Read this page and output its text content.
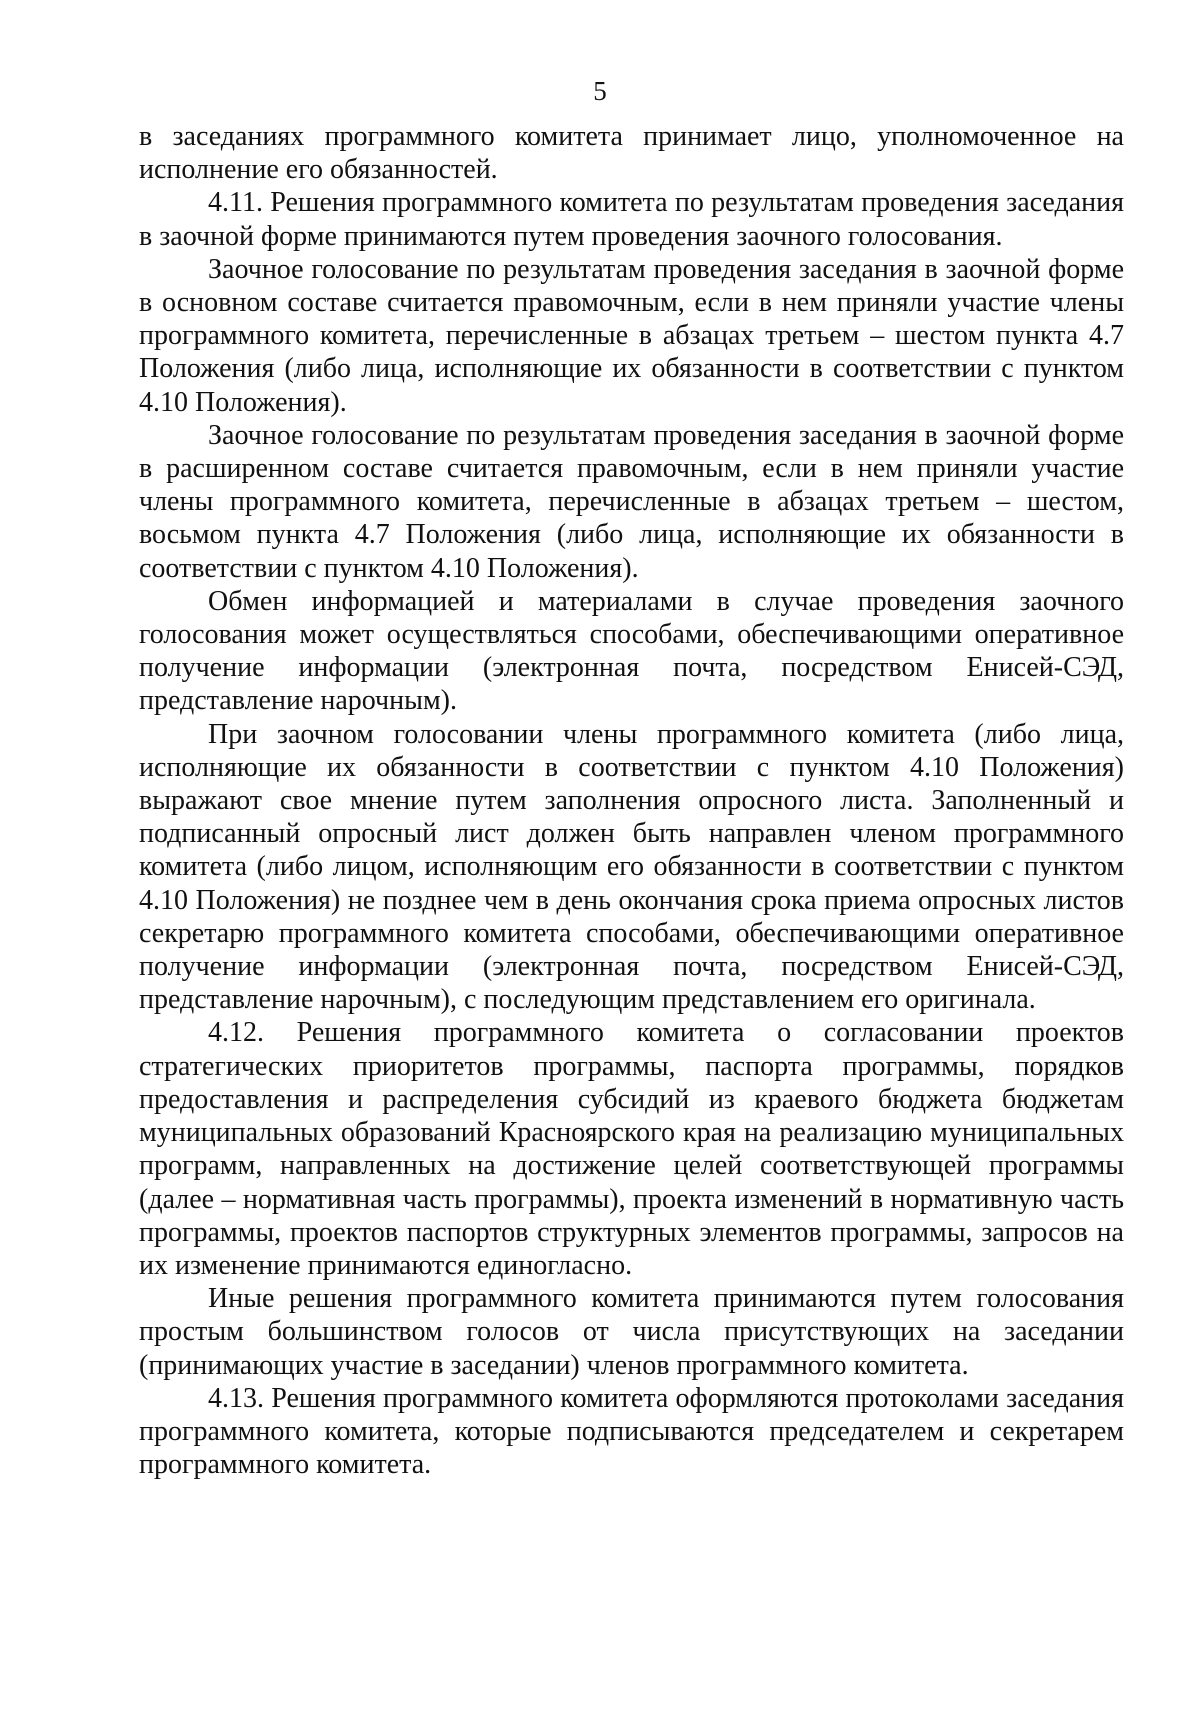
5

в заседаниях программного комитета принимает лицо, уполномоченное на исполнение его обязанностей.

4.11. Решения программного комитета по результатам проведения заседания в заочной форме принимаются путем проведения заочного голосования.

Заочное голосование по результатам проведения заседания в заочной форме в основном составе считается правомочным, если в нем приняли участие члены программного комитета, перечисленные в абзацах третьем – шестом пункта 4.7 Положения (либо лица, исполняющие их обязанности в соответствии с пунктом 4.10 Положения).

Заочное голосование по результатам проведения заседания в заочной форме в расширенном составе считается правомочным, если в нем приняли участие члены программного комитета, перечисленные в абзацах третьем – шестом, восьмом пункта 4.7 Положения (либо лица, исполняющие их обязанности в соответствии с пунктом 4.10 Положения).

Обмен информацией и материалами в случае проведения заочного голосования может осуществляться способами, обеспечивающими оперативное получение информации (электронная почта, посредством Енисей-СЭД, представление нарочным).

При заочном голосовании члены программного комитета (либо лица, исполняющие их обязанности в соответствии с пунктом 4.10 Положения) выражают свое мнение путем заполнения опросного листа. Заполненный и подписанный опросный лист должен быть направлен членом программного комитета (либо лицом, исполняющим его обязанности в соответствии с пунктом 4.10 Положения) не позднее чем в день окончания срока приема опросных листов секретарю программного комитета способами, обеспечивающими оперативное получение информации (электронная почта, посредством Енисей-СЭД, представление нарочным), с последующим представлением его оригинала.

4.12. Решения программного комитета о согласовании проектов стратегических приоритетов программы, паспорта программы, порядков предоставления и распределения субсидий из краевого бюджета бюджетам муниципальных образований Красноярского края на реализацию муниципальных программ, направленных на достижение целей соответствующей программы (далее – нормативная часть программы), проекта изменений в нормативную часть программы, проектов паспортов структурных элементов программы, запросов на их изменение принимаются единогласно.

Иные решения программного комитета принимаются путем голосования простым большинством голосов от числа присутствующих на заседании (принимающих участие в заседании) членов программного комитета.

4.13. Решения программного комитета оформляются протоколами заседания программного комитета, которые подписываются председателем и секретарем программного комитета.
